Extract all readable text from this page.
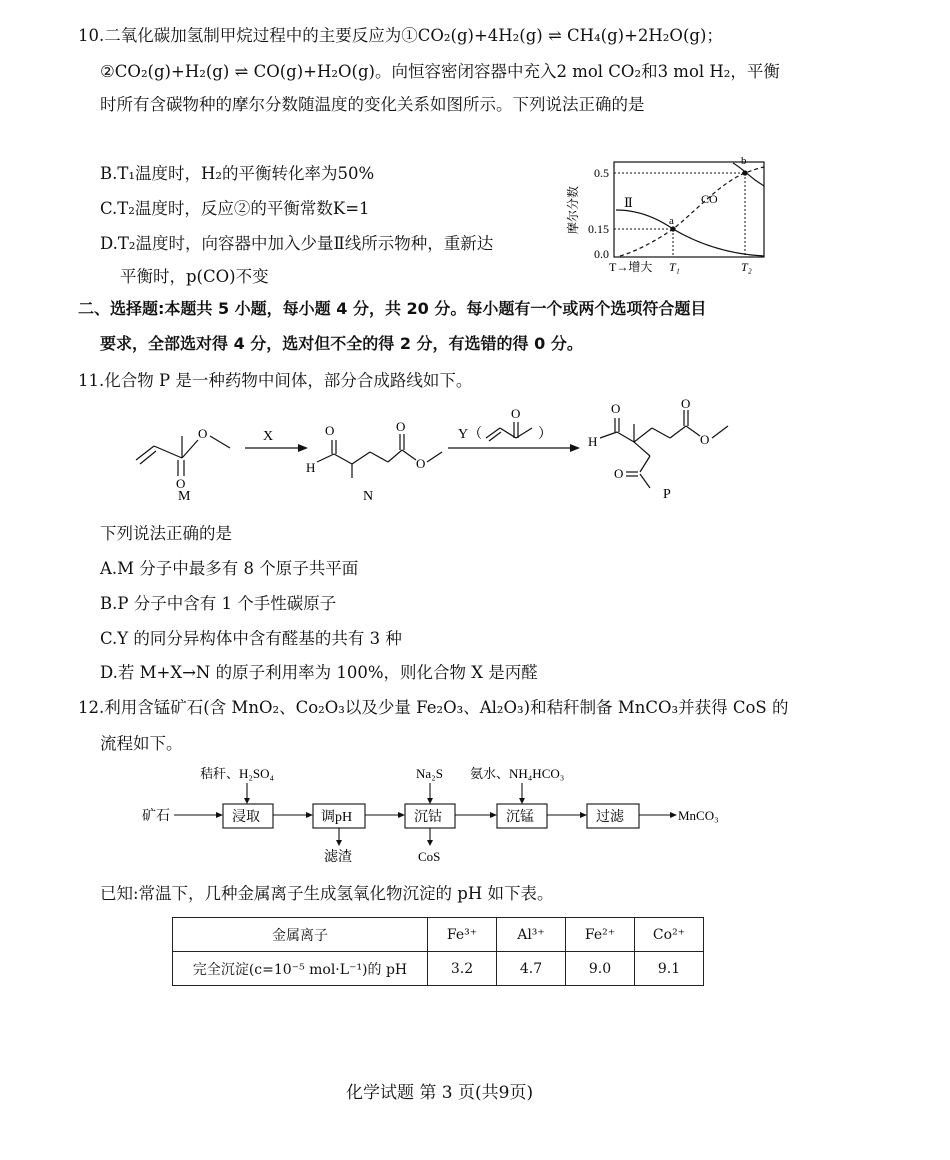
10.二氧化碳加氢制甲烷过程中的主要反应为①CO₂(g)+4H₂(g) ⇌ CH₄(g)+2H₂O(g)；
②CO₂(g)+H₂(g) ⇌ CO(g)+H₂O(g)。向恒容密闭容器中充入2 mol CO₂和3 mol H₂，平衡
时所有含碳物种的摩尔分数随温度的变化关系如图所示。下列说法正确的是
B.T₁温度时，H₂的平衡转化率为50%
C.T₂温度时，反应②的平衡常数K=1
D.T₂温度时，向容器中加入少量Ⅱ线所示物种，重新达
平衡时，p(CO)不变
摩尔分数
0.5
0.15
0.0
T→增大 T₁	T₂
Ⅱ	CO
a
b
二、选择题:本题共 5 小题，每小题 4 分，共 20 分。每小题有一个或两个选项符合题目
要求，全部选对得 4 分，选对但不全的得 2 分，有选错的得 0 分。
11.化合物 P 是一种药物中间体，部分合成路线如下。
O
O
M
X	O
H
O
O
N
Y（
O
）
O
H
O
O
O
P
下列说法正确的是
A.M 分子中最多有 8 个原子共平面
B.P 分子中含有 1 个手性碳原子
C.Y 的同分异构体中含有醛基的共有 3 种
D.若 M+X→N 的原子利用率为 100%，则化合物 X 是丙醛
12.利用含锰矿石(含 MnO₂、Co₂O₃以及少量 Fe₂O₃、Al₂O₃)和秸秆制备 MnCO₃并获得 CoS 的
流程如下。
秸秆、H₂SO₄	Na₂S 氨水、NH₄HCO₃
矿石	浸取	调pH	沉钴	沉锰	过滤	MnCO₃
滤渣	CoS
已知:常温下，几种金属离子生成氢氧化物沉淀的 pH 如下表。
金属离子	Fe³⁺	Al³⁺	Fe²⁺	Co²⁺
完全沉淀(c=10⁻⁵ mol·L⁻¹)的 pH	3.2	4.7	9.0	9.1
化学试题 第 3 页(共9页)
